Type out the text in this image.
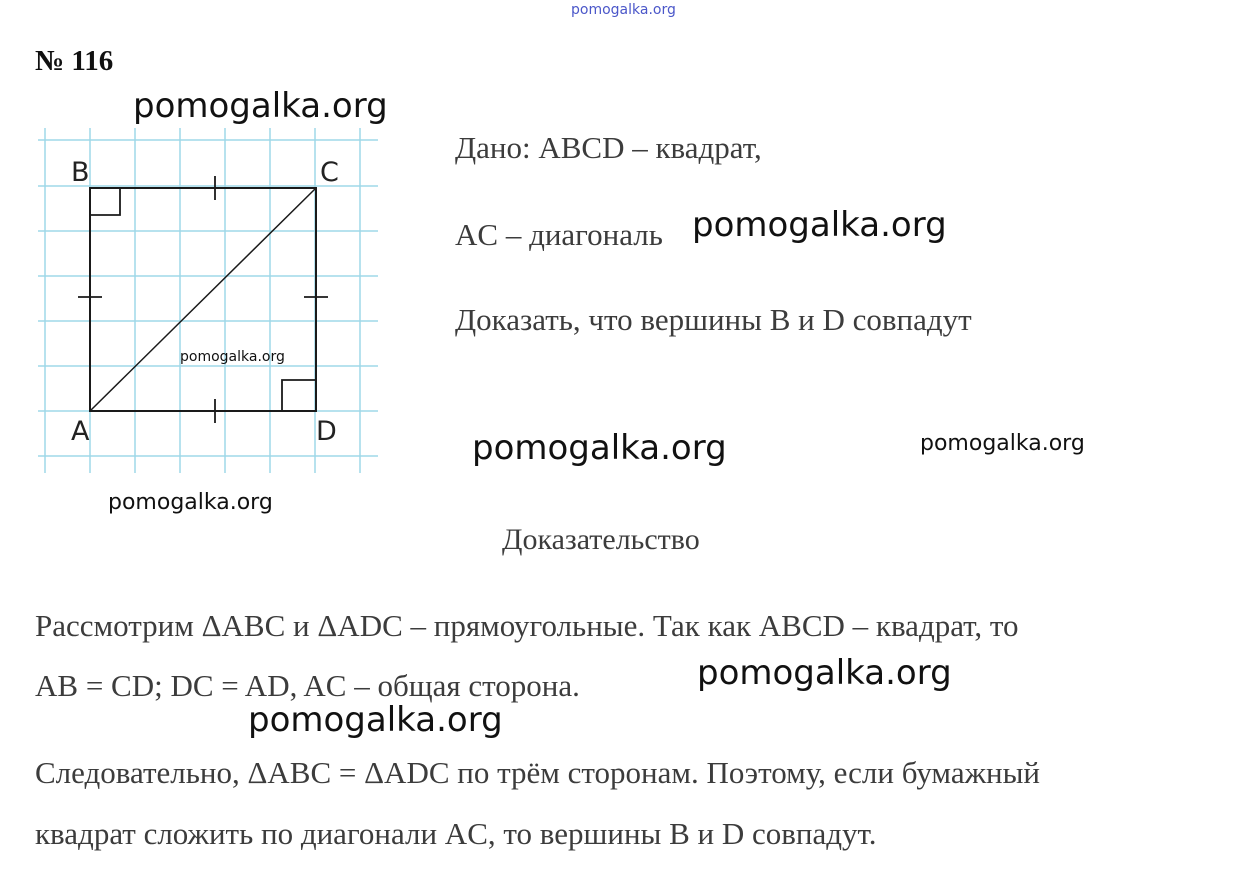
pomogalka.org
№ 116
pomogalka.org
B	C
A	D
pomogalka.org
Дано: ABCD – квадрат,
AC – диагональ pomogalka.org
Доказать, что вершины B и D совпадут
pomogalka.org	pomogalka.org
pomogalka.org
Доказательство
Рассмотрим ΔABC и ΔADC – прямоугольные. Так как ABCD – квадрат, то
AB = CD; DC = AD, AC – общая сторона.	pomogalka.org
pomogalka.org
Следовательно, ΔABC = ΔADC по трём сторонам. Поэтому, если бумажный
квадрат сложить по диагонали AC, то вершины B и D совпадут.
